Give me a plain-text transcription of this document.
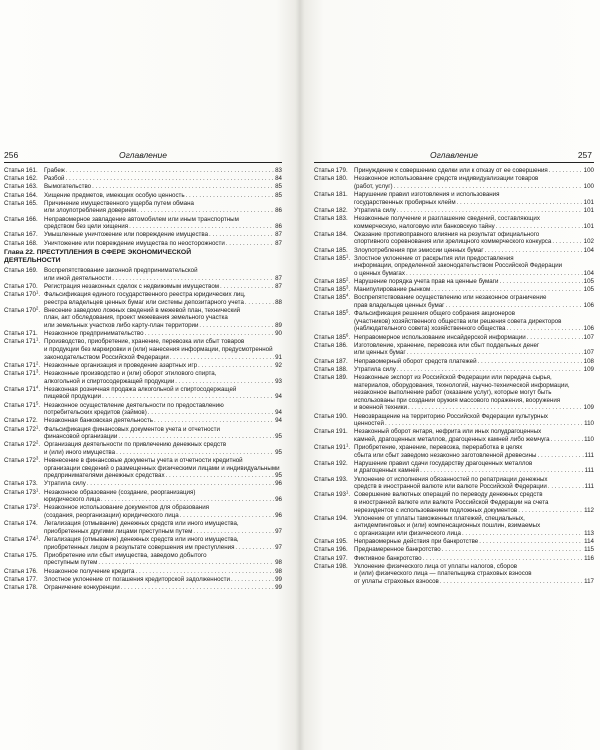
256	Оглавление
Статья 161.	Грабеж . . .	83
Статья 162.	Разбой . . .	84
Статья 163.	Вымогательство . . .	85
Статья 164.	Хищение предметов, имеющих особую ценность . . .	85
Статья 165.	Причинение имущественного ущерба путем обмана
или злоупотребления доверием . . .	86
Статья 166.	Неправомерное завладение автомобилем или иным транспортным
средством без цели хищения . . .	86
Статья 167.	Умышленные уничтожение или повреждение имущества . . .	87
Статья 168.	Уничтожение или повреждение имущества по неосторожности . . .	87
Глава 22. ПРЕСТУПЛЕНИЯ В СФЕРЕ ЭКОНОМИЧЕСКОЙ
ДЕЯТЕЛЬНОСТИ
Статья 169.	Воспрепятствование законной предпринимательской
или иной деятельности . . .	87
Статья 170.	Регистрация незаконных сделок с недвижимым имуществом . . .	87
Статья $170^1$. Фальсификация единого государственного реестра юридических лиц,
реестра владельцев ценных бумаг или системы депозитарного учета . . .	88
Статья $170^2$. Внесение заведомо ложных сведений в межевой план, технический
план, акт обследования, проект межевания земельного участка
или земельных участков либо карту-план территории . . .	89
Статья 171.	Незаконное предпринимательство . . .	90
Статья $171^1$. Производство, приобретение, хранение, перевозка или сбыт товаров
и продукции без маркировки и (или) нанесения информации, предусмотренной
законодательством Российской Федерации . . .	91
Статья $171^2$. Незаконные организация и проведение азартных игр . . .	92
Статья $171^3$. Незаконные производство и (или) оборот этилового спирта,
алкогольной и спиртосодержащей продукции . . .	93
Статья $171^4$. Незаконная розничная продажа алкогольной и спиртосодержащей
пищевой продукции . . .	94
Статья $171^5$. Незаконное осуществление деятельности по предоставлению
потребительских кредитов (займов) . . .	94
Статья 172.	Незаконная банковская деятельность . . .	94
Статья $172^1$. Фальсификация финансовых документов учета и отчетности
финансовой организации . . .	95
Статья $172^2$. Организация деятельности по привлечению денежных средств
и (или) иного имущества . . .	95
Статья $172^3$. Невнесение в финансовые документы учета и отчетности кредитной
организации сведений о размещенных физическими лицами и индивидуальными
предпринимателями денежных средствах . . .	95
Статья 173.	Утратила силу . . .	96
Статья $173^1$. Незаконное образование (создание, реорганизация)
юридического лица . . .	96
Статья $173^2$. Незаконное использование документов для образования
(создания, реорганизации) юридического лица . . .	96
Статья 174.	Легализация (отмывание) денежных средств или иного имущества,
приобретенных другими лицами преступным путем . . .	97
Статья $174^1$. Легализация (отмывание) денежных средств или иного имущества,
приобретенных лицом в результате совершения им преступления . . .	97
Статья 175.	Приобретение или сбыт имущества, заведомо добытого
преступным путем . . .	98
Статья 176.	Незаконное получение кредита . . .	98
Статья 177.	Злостное уклонение от погашения кредиторской задолженности . . .	99
Статья 178.	Ограничение конкуренции . . .	99
Оглавление	257
Статья 179.	Принуждение к совершению сделки или к отказу от ее совершения . . .	100
Статья 180.	Незаконное использование средств индивидуализации товаров
(работ, услуг) . . .	100
Статья 181.	Нарушение правил изготовления и использования
государственных пробирных клейм . . .	101
Статья 182.	Утратила силу . . .	101
Статья 183.	Незаконные получение и разглашение сведений, составляющих
коммерческую, налоговую или банковскую тайну . . .	101
Статья 184.	Оказание противоправного влияния на результат официального
спортивного соревнования или зрелищного коммерческого конкурса . . .	102
Статья 185.	Злоупотребления при эмиссии ценных бумаг . . .	104
Статья $185^1$. Злостное уклонение от раскрытия или предоставления
информации, определенной законодательством Российской Федерации
о ценных бумагах . . .	104
Статья $185^2$. Нарушение порядка учета прав на ценные бумаги . . .	105
Статья $185^3$. Манипулирование рынком . . .	105
Статья $185^4$. Воспрепятствование осуществлению или незаконное ограничение
прав владельцев ценных бумаг . . .	106
Статья $185^5$. Фальсификация решения общего собрания акционеров
(участников) хозяйственного общества или решения совета директоров
(наблюдательного совета) хозяйственного общества . . .	106
Статья $185^6$. Неправомерное использование инсайдерской информации . . .	107
Статья 186.	Изготовление, хранение, перевозка или сбыт поддельных денег
или ценных бумаг . . .	107
Статья 187.	Неправомерный оборот средств платежей . . .	108
Статья 188.	Утратила силу . . .	109
Статья 189.	Незаконные экспорт из Российской Федерации или передача сырья,
материалов, оборудования, технологий, научно-технической информации,
незаконное выполнение работ (оказание услуг), которые могут быть
использованы при создании оружия массового поражения, вооружения
и военной техники . . .	109
Статья 190.	Невозвращение на территорию Российской Федерации культурных
ценностей . . .	110
Статья 191.	Незаконный оборот янтаря, нефрита или иных полудрагоценных
камней, драгоценных металлов, драгоценных камней либо жемчуга . . .	110
Статья $191^1$. Приобретение, хранение, перевозка, переработка в целях
сбыта или сбыт заведомо незаконно заготовленной древесины . . .	111
Статья 192.	Нарушение правил сдачи государству драгоценных металлов
и драгоценных камней . . .	111
Статья 193.	Уклонение от исполнения обязанностей по репатриации денежных
средств в иностранной валюте или валюте Российской Федерации . . .	111
Статья $193^1$. Совершение валютных операций по переводу денежных средств
в иностранной валюте или валюте Российской Федерации на счета
нерезидентов с использованием подложных документов . . .	112
Статья 194.	Уклонение от уплаты таможенных платежей, специальных,
антидемпинговых и (или) компенсационных пошлин, взимаемых
с организации или физического лица . . .	113
Статья 195.	Неправомерные действия при банкротстве . . .	114
Статья 196.	Преднамеренное банкротство . . .	115
Статья 197.	Фиктивное банкротство . . .	116
Статья 198.	Уклонение физического лица от уплаты налогов, сборов
и (или) физического лица — плательщика страховых взносов
от уплаты страховых взносов . . .	117
